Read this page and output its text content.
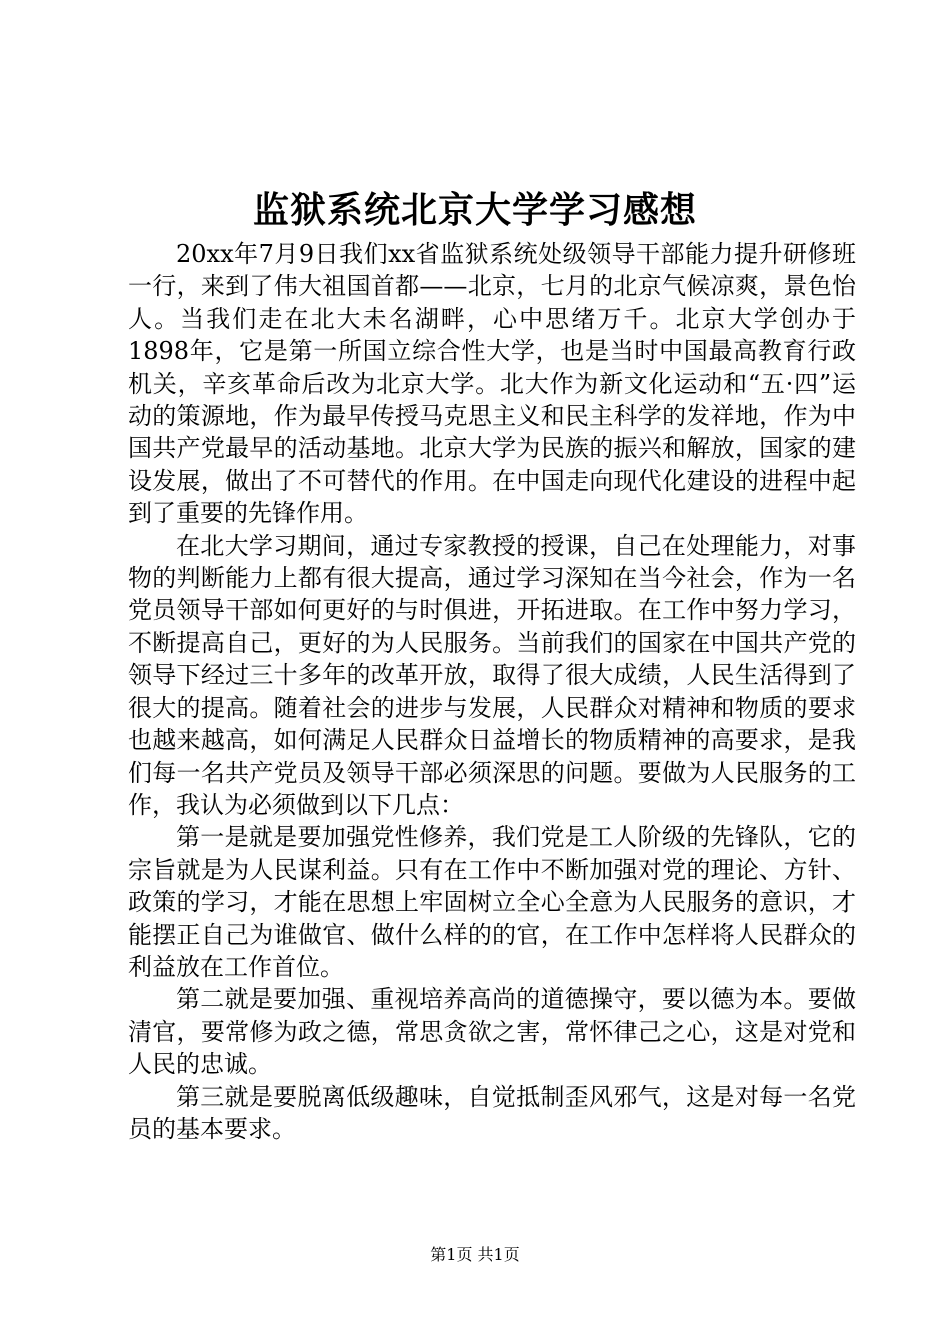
监狱系统北京大学学习感想

20xx年7月9日我们xx省监狱系统处级领导干部能力提升研修班一行，来到了伟大祖国首都——北京，七月的北京气候凉爽，景色怡人。当我们走在北大未名湖畔，心中思绪万千。北京大学创办于1898年，它是第一所国立综合性大学，也是当时中国最高教育行政机关，辛亥革命后改为北京大学。北大作为新文化运动和“五·四”运动的策源地，作为最早传授马克思主义和民主科学的发祥地，作为中国共产党最早的活动基地。北京大学为民族的振兴和解放，国家的建设发展，做出了不可替代的作用。在中国走向现代化建设的进程中起到了重要的先锋作用。

在北大学习期间，通过专家教授的授课，自己在处理能力，对事物的判断能力上都有很大提高，通过学习深知在当今社会，作为一名党员领导干部如何更好的与时俱进，开拓进取。在工作中努力学习，不断提高自己，更好的为人民服务。当前我们的国家在中国共产党的领导下经过三十多年的改革开放，取得了很大成绩，人民生活得到了很大的提高。随着社会的进步与发展，人民群众对精神和物质的要求也越来越高，如何满足人民群众日益增长的物质精神的高要求，是我们每一名共产党员及领导干部必须深思的问题。要做为人民服务的工作，我认为必须做到以下几点：

第一是就是要加强党性修养，我们党是工人阶级的先锋队，它的宗旨就是为人民谋利益。只有在工作中不断加强对党的理论、方针、政策的学习，才能在思想上牢固树立全心全意为人民服务的意识，才能摆正自己为谁做官、做什么样的的官，在工作中怎样将人民群众的利益放在工作首位。

第二就是要加强、重视培养高尚的道德操守，要以德为本。要做清官，要常修为政之德，常思贪欲之害，常怀律己之心，这是对党和人民的忠诚。

第三就是要脱离低级趣味，自觉抵制歪风邪气，这是对每一名党员的基本要求。

第1页 共1页
